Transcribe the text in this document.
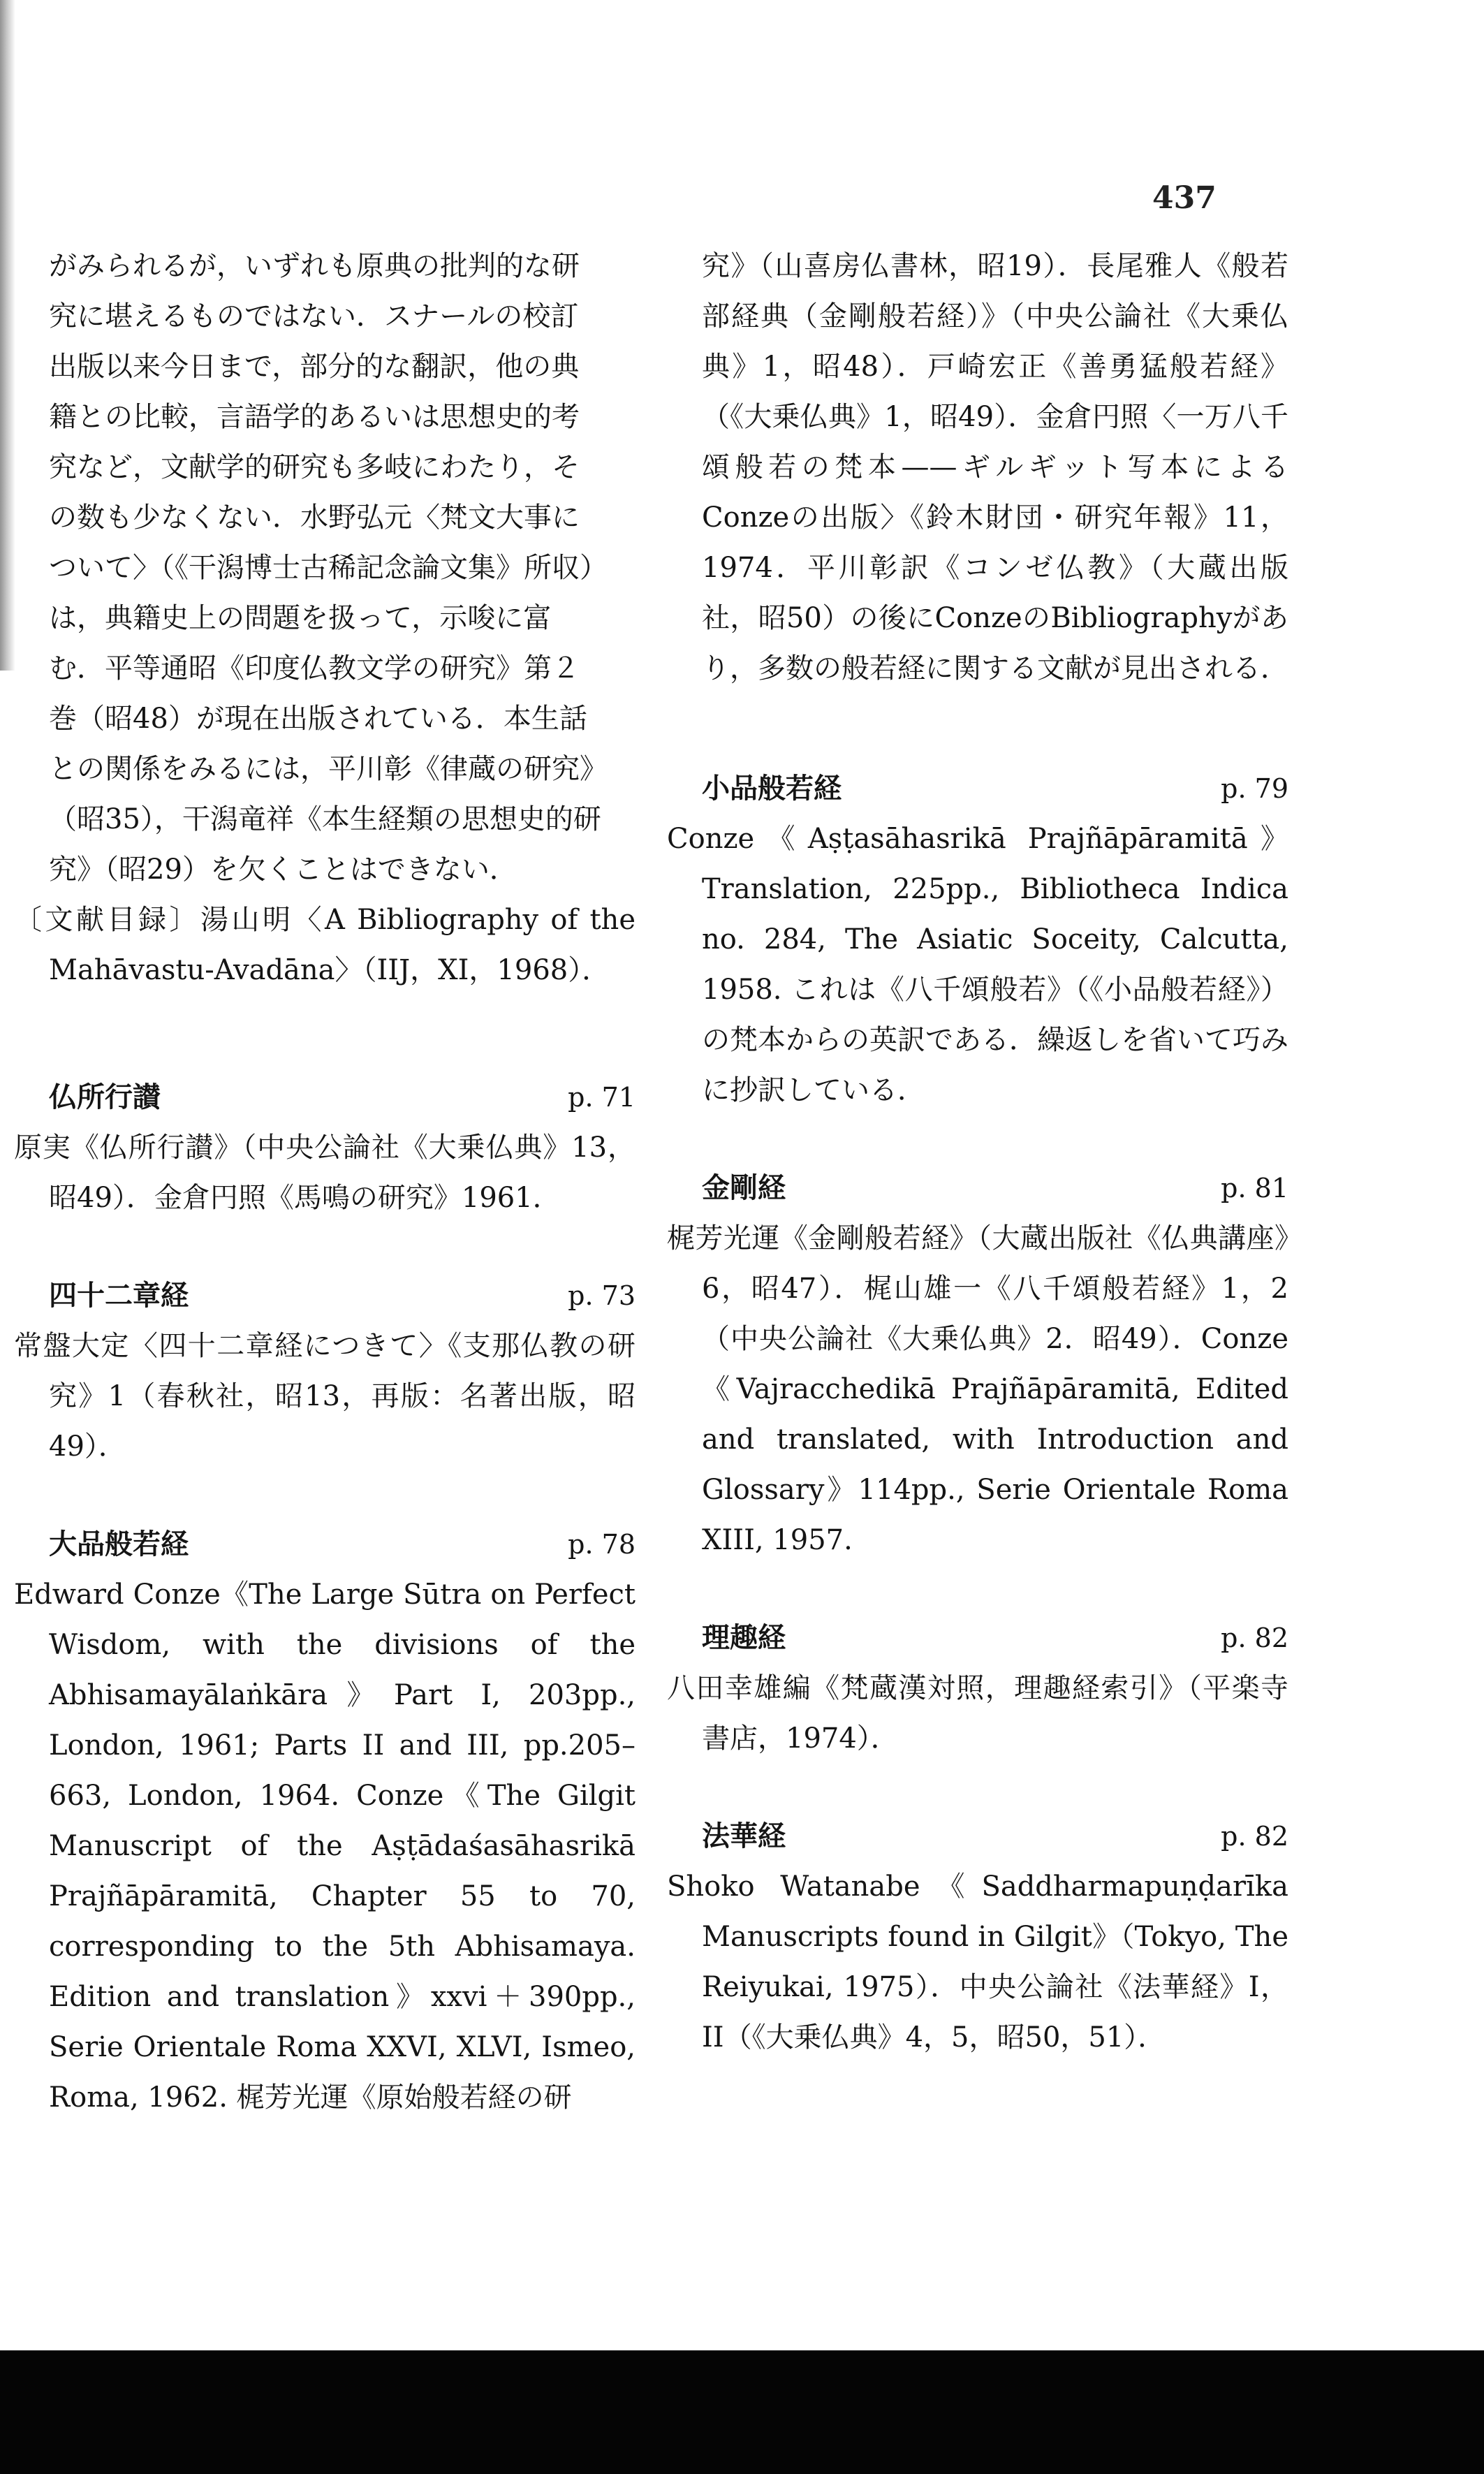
437
がみられるが，いずれも原典の批判的な研
究に堪えるものではない．スナールの校訂
出版以来今日まで，部分的な翻訳，他の典
籍との比較，言語学的あるいは思想史的考
究など，文献学的研究も多岐にわたり，そ
の数も少なくない．水野弘元〈梵文大事に
ついて〉（《干潟博士古稀記念論文集》所収）
は，典籍史上の問題を扱って，示唆に富
む．平等通昭《印度仏教文学の研究》第２
巻（昭48）が現在出版されている．本生話
との関係をみるには，平川彰《律蔵の研究》
（昭35），干潟竜祥《本生経類の思想史的研
究》（昭29）を欠くことはできない．

〔文献目録〕湯山明〈A Bibliography of the Mahāvastu-Avadāna〉（IIJ，XI，1968）．

仏所行讃	p. 71

原実《仏所行讃》（中央公論社《大乗仏典》13，昭49）．金倉円照《馬鳴の研究》1961．

四十二章経	p. 73

常盤大定〈四十二章経につきて〉《支那仏教の研究》1（春秋社，昭13，再版：名著出版，昭49）．

大品般若経	p. 78

Edward Conze《The Large Sūtra on Perfect Wisdom, with the divisions of the Abhisamayālaṅkāra》Part I, 203pp., London, 1961; Parts II and III, pp.205–663, London, 1964. Conze《The Gilgit Manuscript of the Aṣṭādaśasāhasrikā Prajñāpāramitā, Chapter 55 to 70, corresponding to the 5th Abhisamaya. Edition and translation》xxvi＋390pp., Serie Orientale Roma XXVI, XLVI, Ismeo, Roma, 1962. 梶芳光運《原始般若経の研

究》（山喜房仏書林，昭19）．長尾雅人《般若部経典（金剛般若経）》（中央公論社《大乗仏典》1，昭48）．戸崎宏正《善勇猛般若経》（《大乗仏典》1，昭49）．金倉円照〈一万八千頌般若の梵本——ギルギット写本によるConzeの出版〉《鈴木財団・研究年報》11，1974．平川彰訳《コンゼ仏教》（大蔵出版社，昭50）の後にConzeのBibliographyがあり，多数の般若経に関する文献が見出される．

小品般若経	p. 79

Conze《Aṣṭasāhasrikā Prajñāpāramitā》Translation, 225pp., Bibliotheca Indica no. 284, The Asiatic Soceity, Calcutta, 1958. これは《八千頌般若》（《小品般若経》）の梵本からの英訳である．繰返しを省いて巧みに抄訳している．

金剛経	p. 81

梶芳光運《金剛般若経》（大蔵出版社《仏典講座》6，昭47）．梶山雄一《八千頌般若経》1，2（中央公論社《大乗仏典》2．昭49）．Conze《Vajracchedikā Prajñāpāramitā, Edited and translated, with Introduction and Glossary》114pp., Serie Orientale Roma XIII, 1957.

理趣経	p. 82

八田幸雄編《梵蔵漢対照，理趣経索引》（平楽寺書店，1974）．

法華経	p. 82

Shoko Watanabe《Saddharmapuṇḍarīka Manuscripts found in Gilgit》（Tokyo, The Reiyukai, 1975）．中央公論社《法華経》I，II（《大乗仏典》4，5，昭50，51）．
